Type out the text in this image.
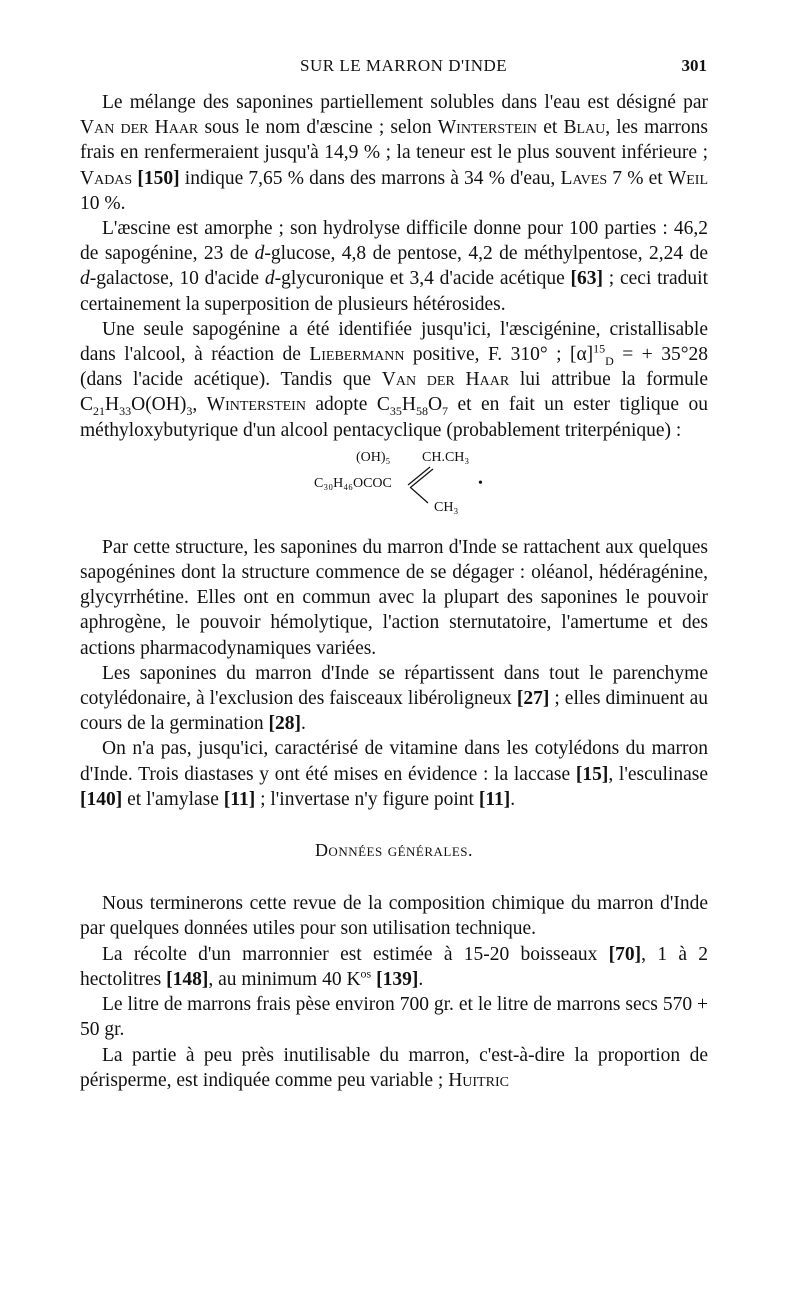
SUR LE MARRON D'INDE	301

Le mélange des saponines partiellement solubles dans l'eau est désigné par Van der Haar sous le nom d'æscine ; selon Winterstein et Blau, les marrons frais en renfermeraient jusqu'à 14,9 % ; la teneur est le plus souvent inférieure ; Vadas [150] indique 7,65 % dans des marrons à 34 % d'eau, Laves 7 % et Weil 10 %.

L'æscine est amorphe ; son hydrolyse difficile donne pour 100 parties : 46,2 de sapogénine, 23 de d-glucose, 4,8 de pentose, 4,2 de méthylpentose, 2,24 de d-galactose, 10 d'acide d-glycuronique et 3,4 d'acide acétique [63] ; ceci traduit certainement la superposition de plusieurs hétérosides.

Une seule sapogénine a été identifiée jusqu'ici, l'æscigénine, cristallisable dans l'alcool, à réaction de Liebermann positive, F. 310° ; $[\alpha]^{15}_D$ = + 35°28 (dans l'acide acétique). Tandis que Van der Haar lui attribue la formule $C_{21}H_{33}O(OH)_3$, Winterstein adopte $C_{35}H_{58}O_7$ et en fait un ester tiglique ou méthyloxybutyrique d'un alcool pentacyclique (probablement triterpénique) :

(OH)₅ CH.CH₃
C₃₀H₄₆OCOC
CH₃
•

Par cette structure, les saponines du marron d'Inde se rattachent aux quelques sapogénines dont la structure commence de se dégager : oléanol, hédéragénine, glycyrrhétine. Elles ont en commun avec la plupart des saponines le pouvoir aphrogène, le pouvoir hémolytique, l'action sternutatoire, l'amertume et des actions pharmacodynamiques variées.

Les saponines du marron d'Inde se répartissent dans tout le parenchyme cotylédonaire, à l'exclusion des faisceaux libéroligneux [27] ; elles diminuent au cours de la germination [28].

On n'a pas, jusqu'ici, caractérisé de vitamine dans les cotylédons du marron d'Inde. Trois diastases y ont été mises en évidence : la laccase [15], l'esculinase [140] et l'amylase [11] ; l'invertase n'y figure point [11].

Données générales.

Nous terminerons cette revue de la composition chimique du marron d'Inde par quelques données utiles pour son utilisation technique.

La récolte d'un marronnier est estimée à 15-20 boisseaux [70], 1 à 2 hectolitres [148], au minimum 40 $K^{os}$ [139].

Le litre de marrons frais pèse environ 700 gr. et le litre de marrons secs 570 + 50 gr.

La partie à peu près inutilisable du marron, c'est-à-dire la proportion de périsperme, est indiquée comme peu variable ; Huitric
